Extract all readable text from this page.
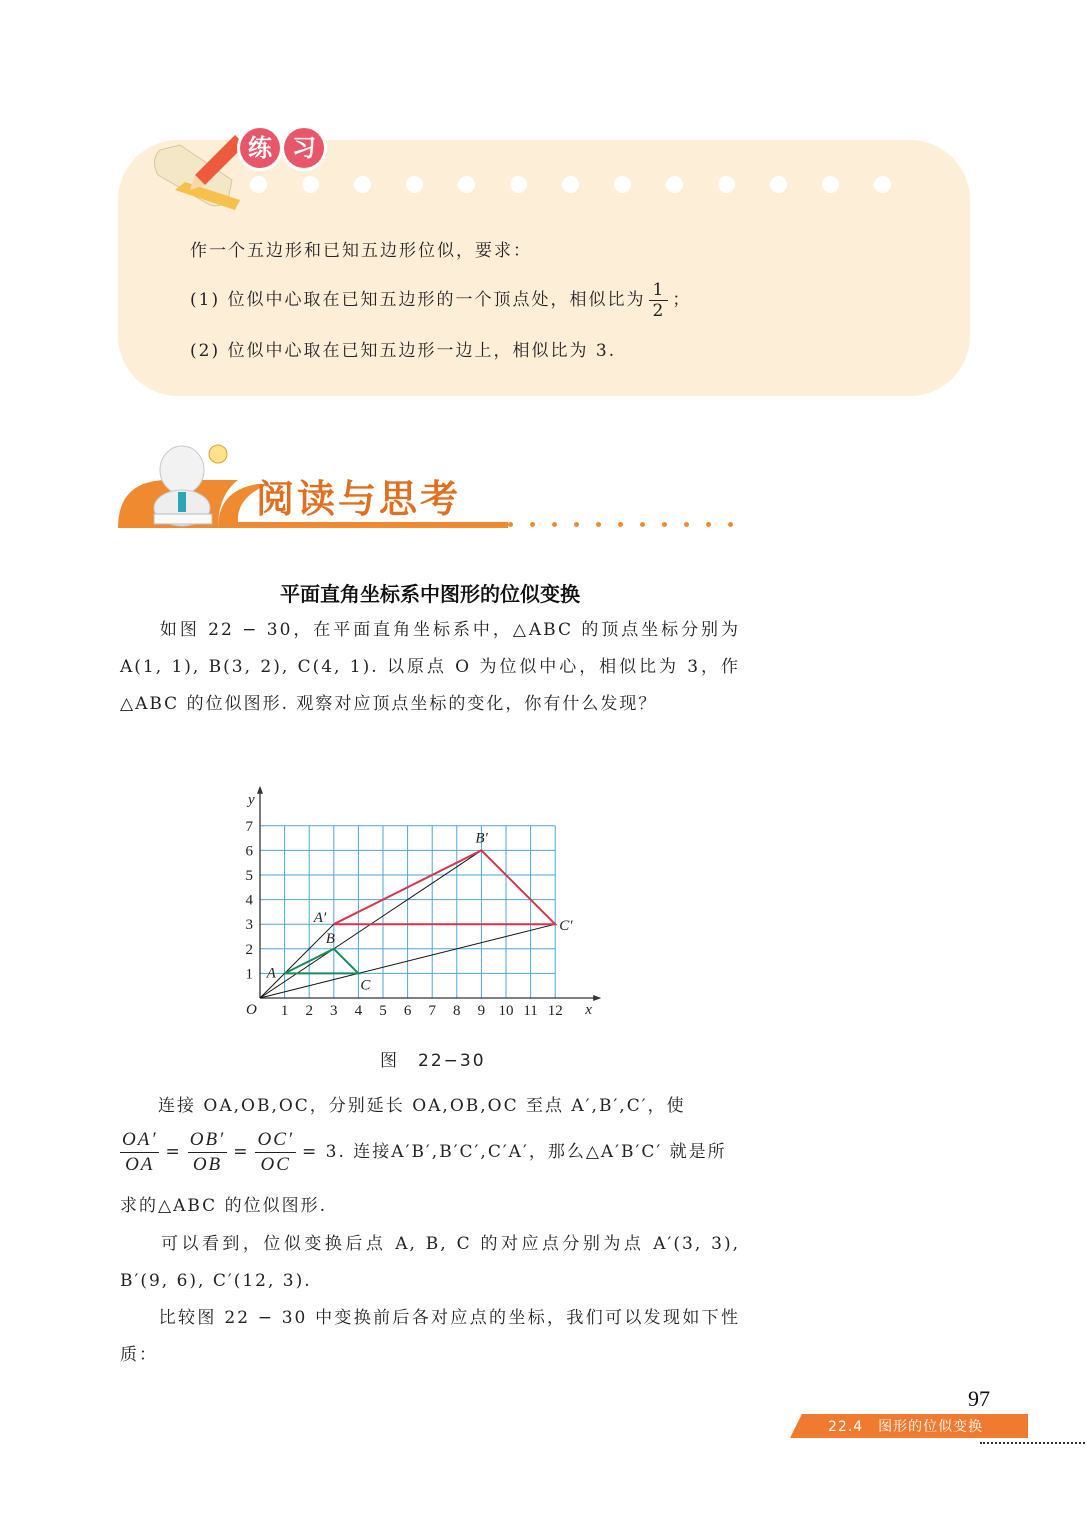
练 习
作一个五边形和已知五边形位似，要求：
(1) 位似中心取在已知五边形的一个顶点处，相似比为 $\frac{1}{2}$ ；
(2) 位似中心取在已知五边形一边上，相似比为 3.
阅读与思考
平面直角坐标系中图形的位似变换

　　如图 22 − 30，在平面直角坐标系中，△ABC 的顶点坐标分别为 A(1, 1), B(3, 2), C(4, 1). 以原点 O 为位似中心，相似比为 3，作△ABC 的位似图形. 观察对应顶点坐标的变化，你有什么发现？

1 2 3 4 5 6 7 8 9 10 11 12
1
2
3
4
5
6
7
O	x
y
A
B
C
A′
B′
C′
图　22−30

　　连接 OA,OB,OC，分别延长 OA,OB,OC 至点 A′,B′,C′，使

$\frac{OA'}{OA} = \frac{OB'}{OB} = \frac{OC'}{OC} = 3$. 连接A′B′,B′C′,C′A′，那么△A′B′C′ 就是所

求的△ABC 的位似图形.

　　可以看到，位似变换后点 A, B, C 的对应点分别为点 A′(3, 3), B′(9, 6), C′(12, 3).

　　比较图 22 − 30 中变换前后各对应点的坐标，我们可以发现如下性质：

97
22.4　图形的位似变换
